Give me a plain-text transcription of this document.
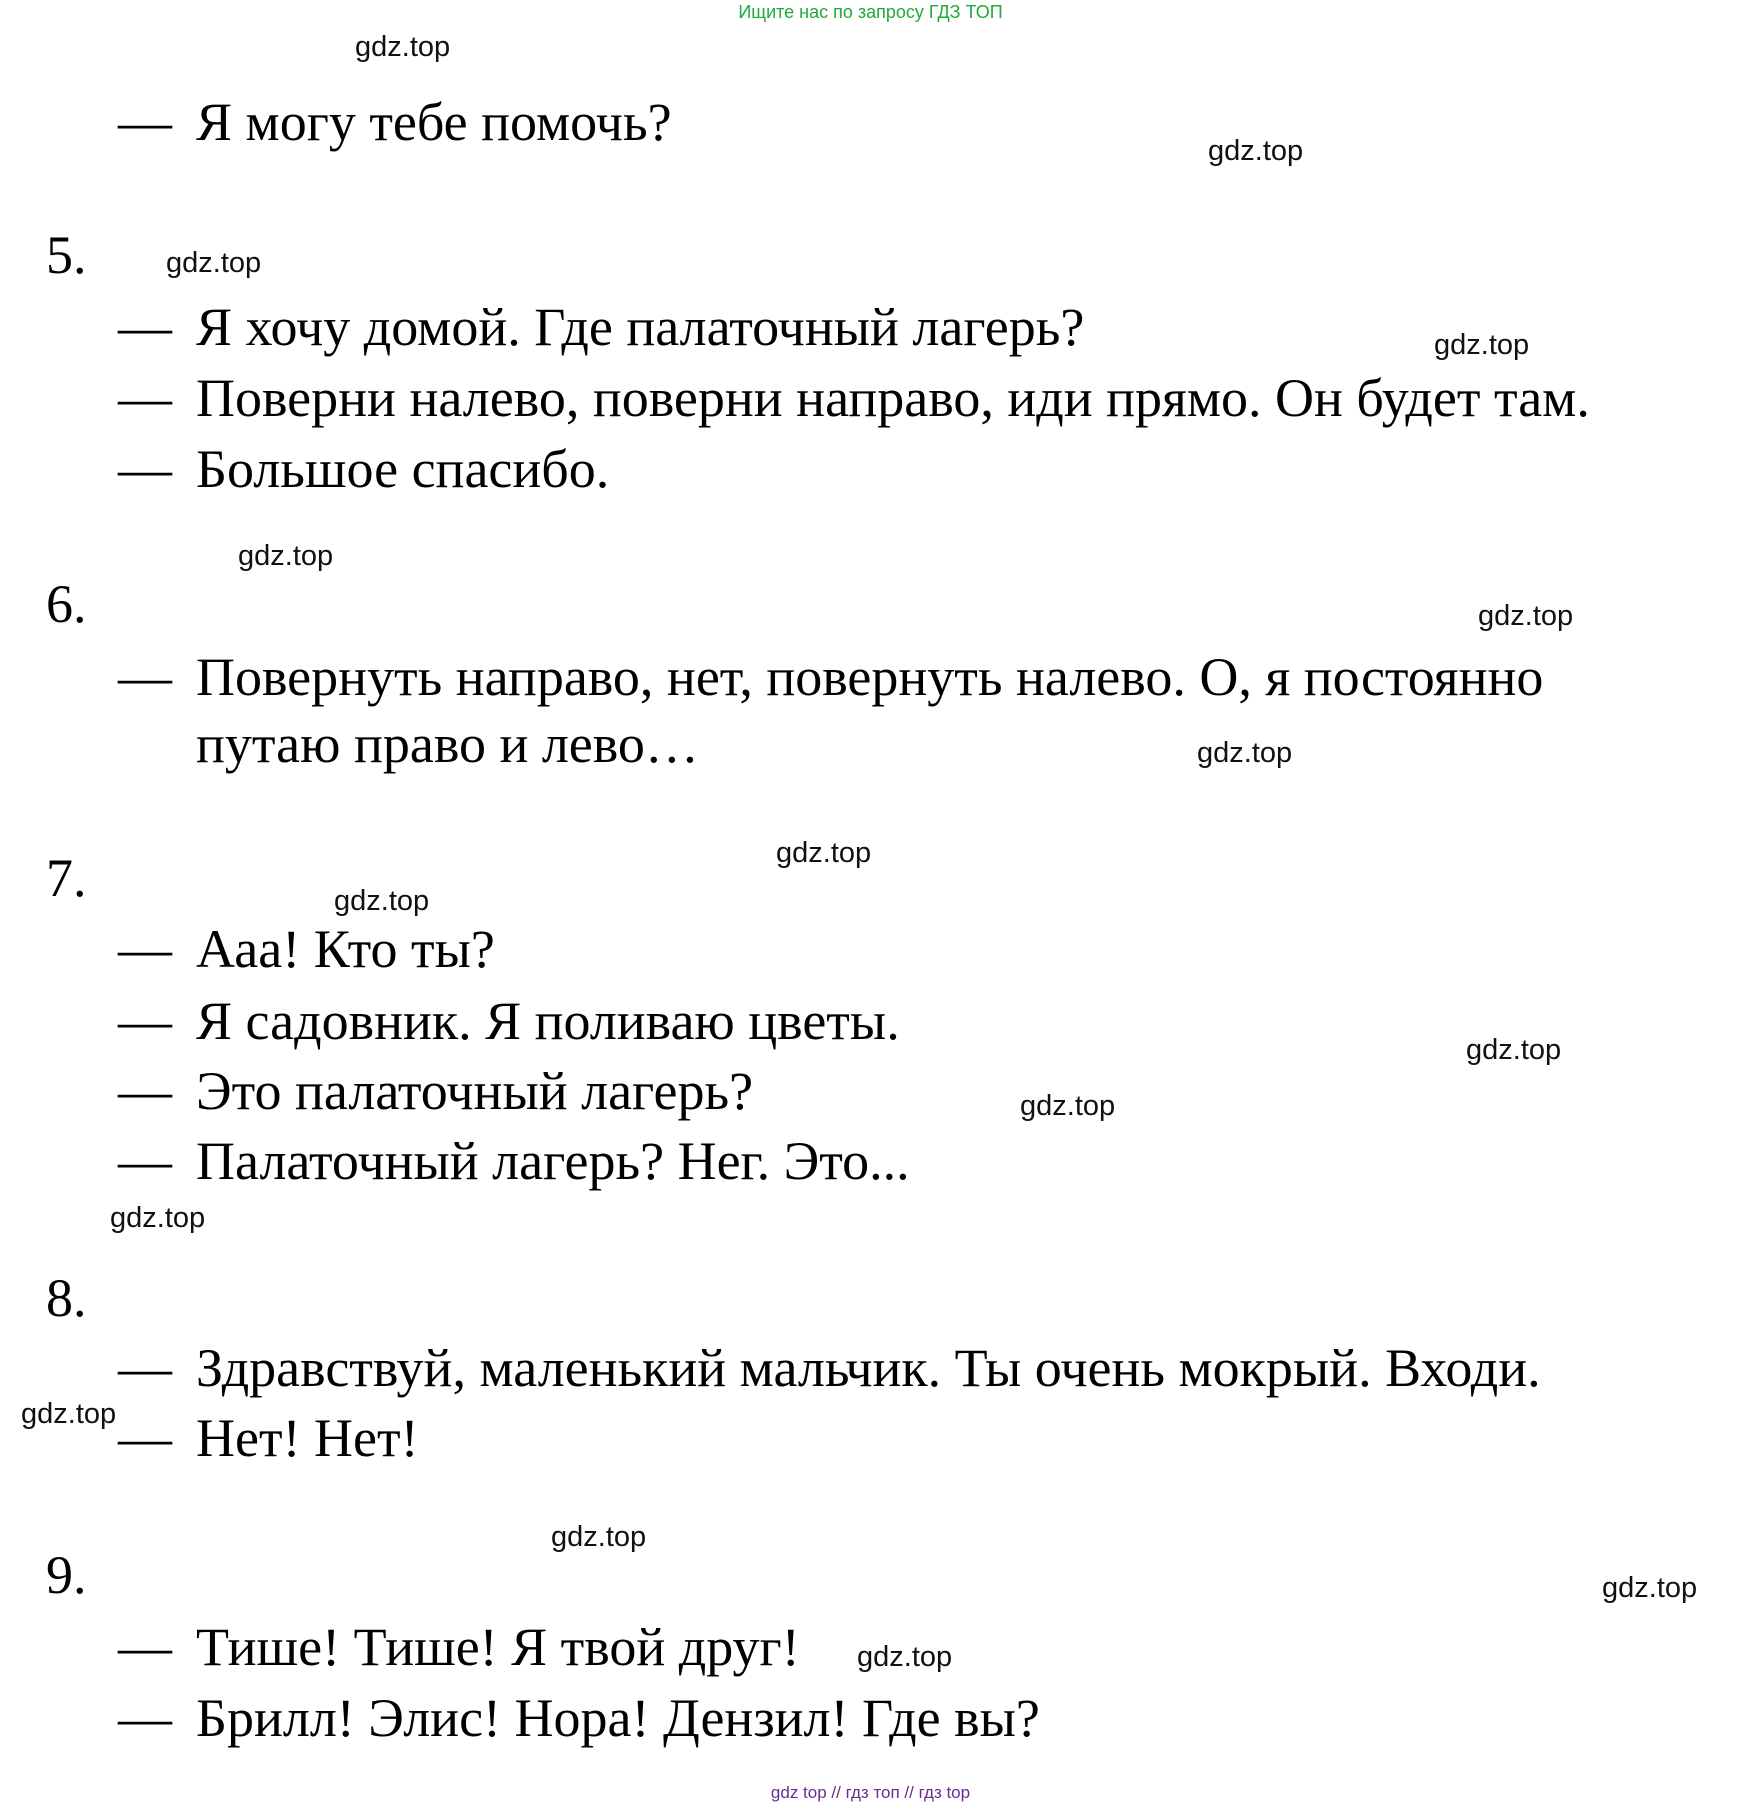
Ищите нас по запросу ГДЗ ТОП
gdz.top
gdz.top
gdz.top
gdz.top
gdz.top
gdz.top
gdz.top
gdz.top
gdz.top
gdz.top
gdz.top
gdz.top
gdz.top
gdz.top
gdz.top
gdz.top
— Я могу тебе помочь?
5.
— Я хочу домой. Где палаточный лагерь?
— Поверни налево, поверни направо, иди прямо. Он будет там.
— Большое спасибо.
6.
— Повернуть направо, нет, повернуть налево. О, я постоянно
путаю право и лево…
7.
— Ааа! Кто ты?
— Я садовник. Я поливаю цветы.
— Это палаточный лагерь?
— Палаточный лагерь? Нег. Это...
8.
— Здравствуй, маленький мальчик. Ты очень мокрый. Входи.
— Нет! Нет!
9.
— Тише! Тише! Я твой друг!
— Брилл! Элис! Нора! Дензил! Где вы?
gdz top // гдз топ // гдз top
